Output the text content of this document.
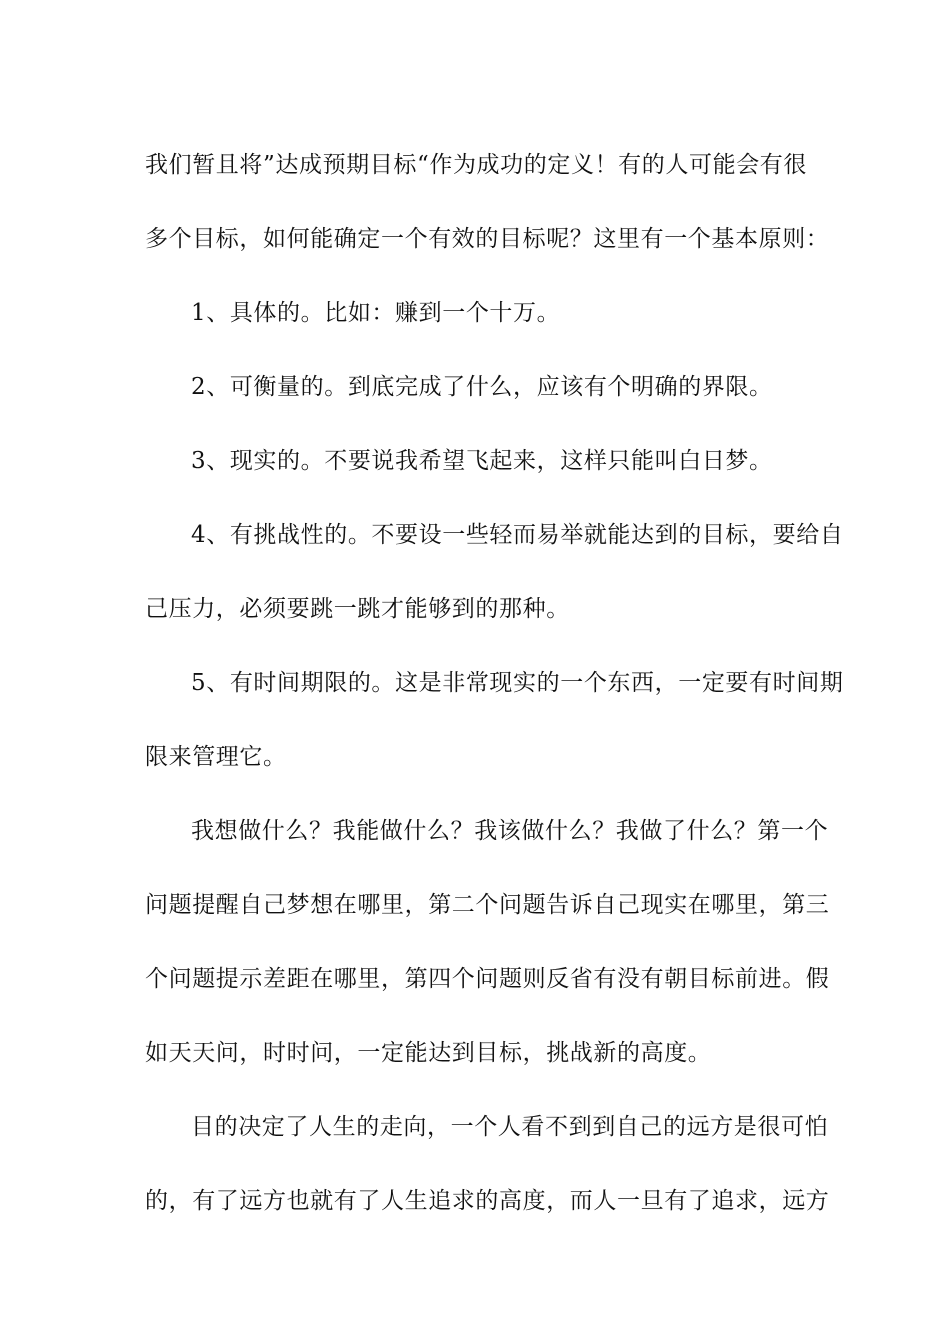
我们暂且将”达成预期目标“作为成功的定义！有的人可能会有很
多个目标，如何能确定一个有效的目标呢？这里有一个基本原则：
1、具体的。比如：赚到一个十万。
2、可衡量的。到底完成了什么，应该有个明确的界限。
3、现实的。不要说我希望飞起来，这样只能叫白日梦。
4、有挑战性的。不要设一些轻而易举就能达到的目标，要给自
己压力，必须要跳一跳才能够到的那种。
5、有时间期限的。这是非常现实的一个东西，一定要有时间期
限来管理它。
我想做什么？我能做什么？我该做什么？我做了什么？第一个
问题提醒自己梦想在哪里，第二个问题告诉自己现实在哪里，第三
个问题提示差距在哪里，第四个问题则反省有没有朝目标前进。假
如天天问，时时问，一定能达到目标，挑战新的高度。
目的决定了人生的走向，一个人看不到到自己的远方是很可怕
的，有了远方也就有了人生追求的高度，而人一旦有了追求，远方
